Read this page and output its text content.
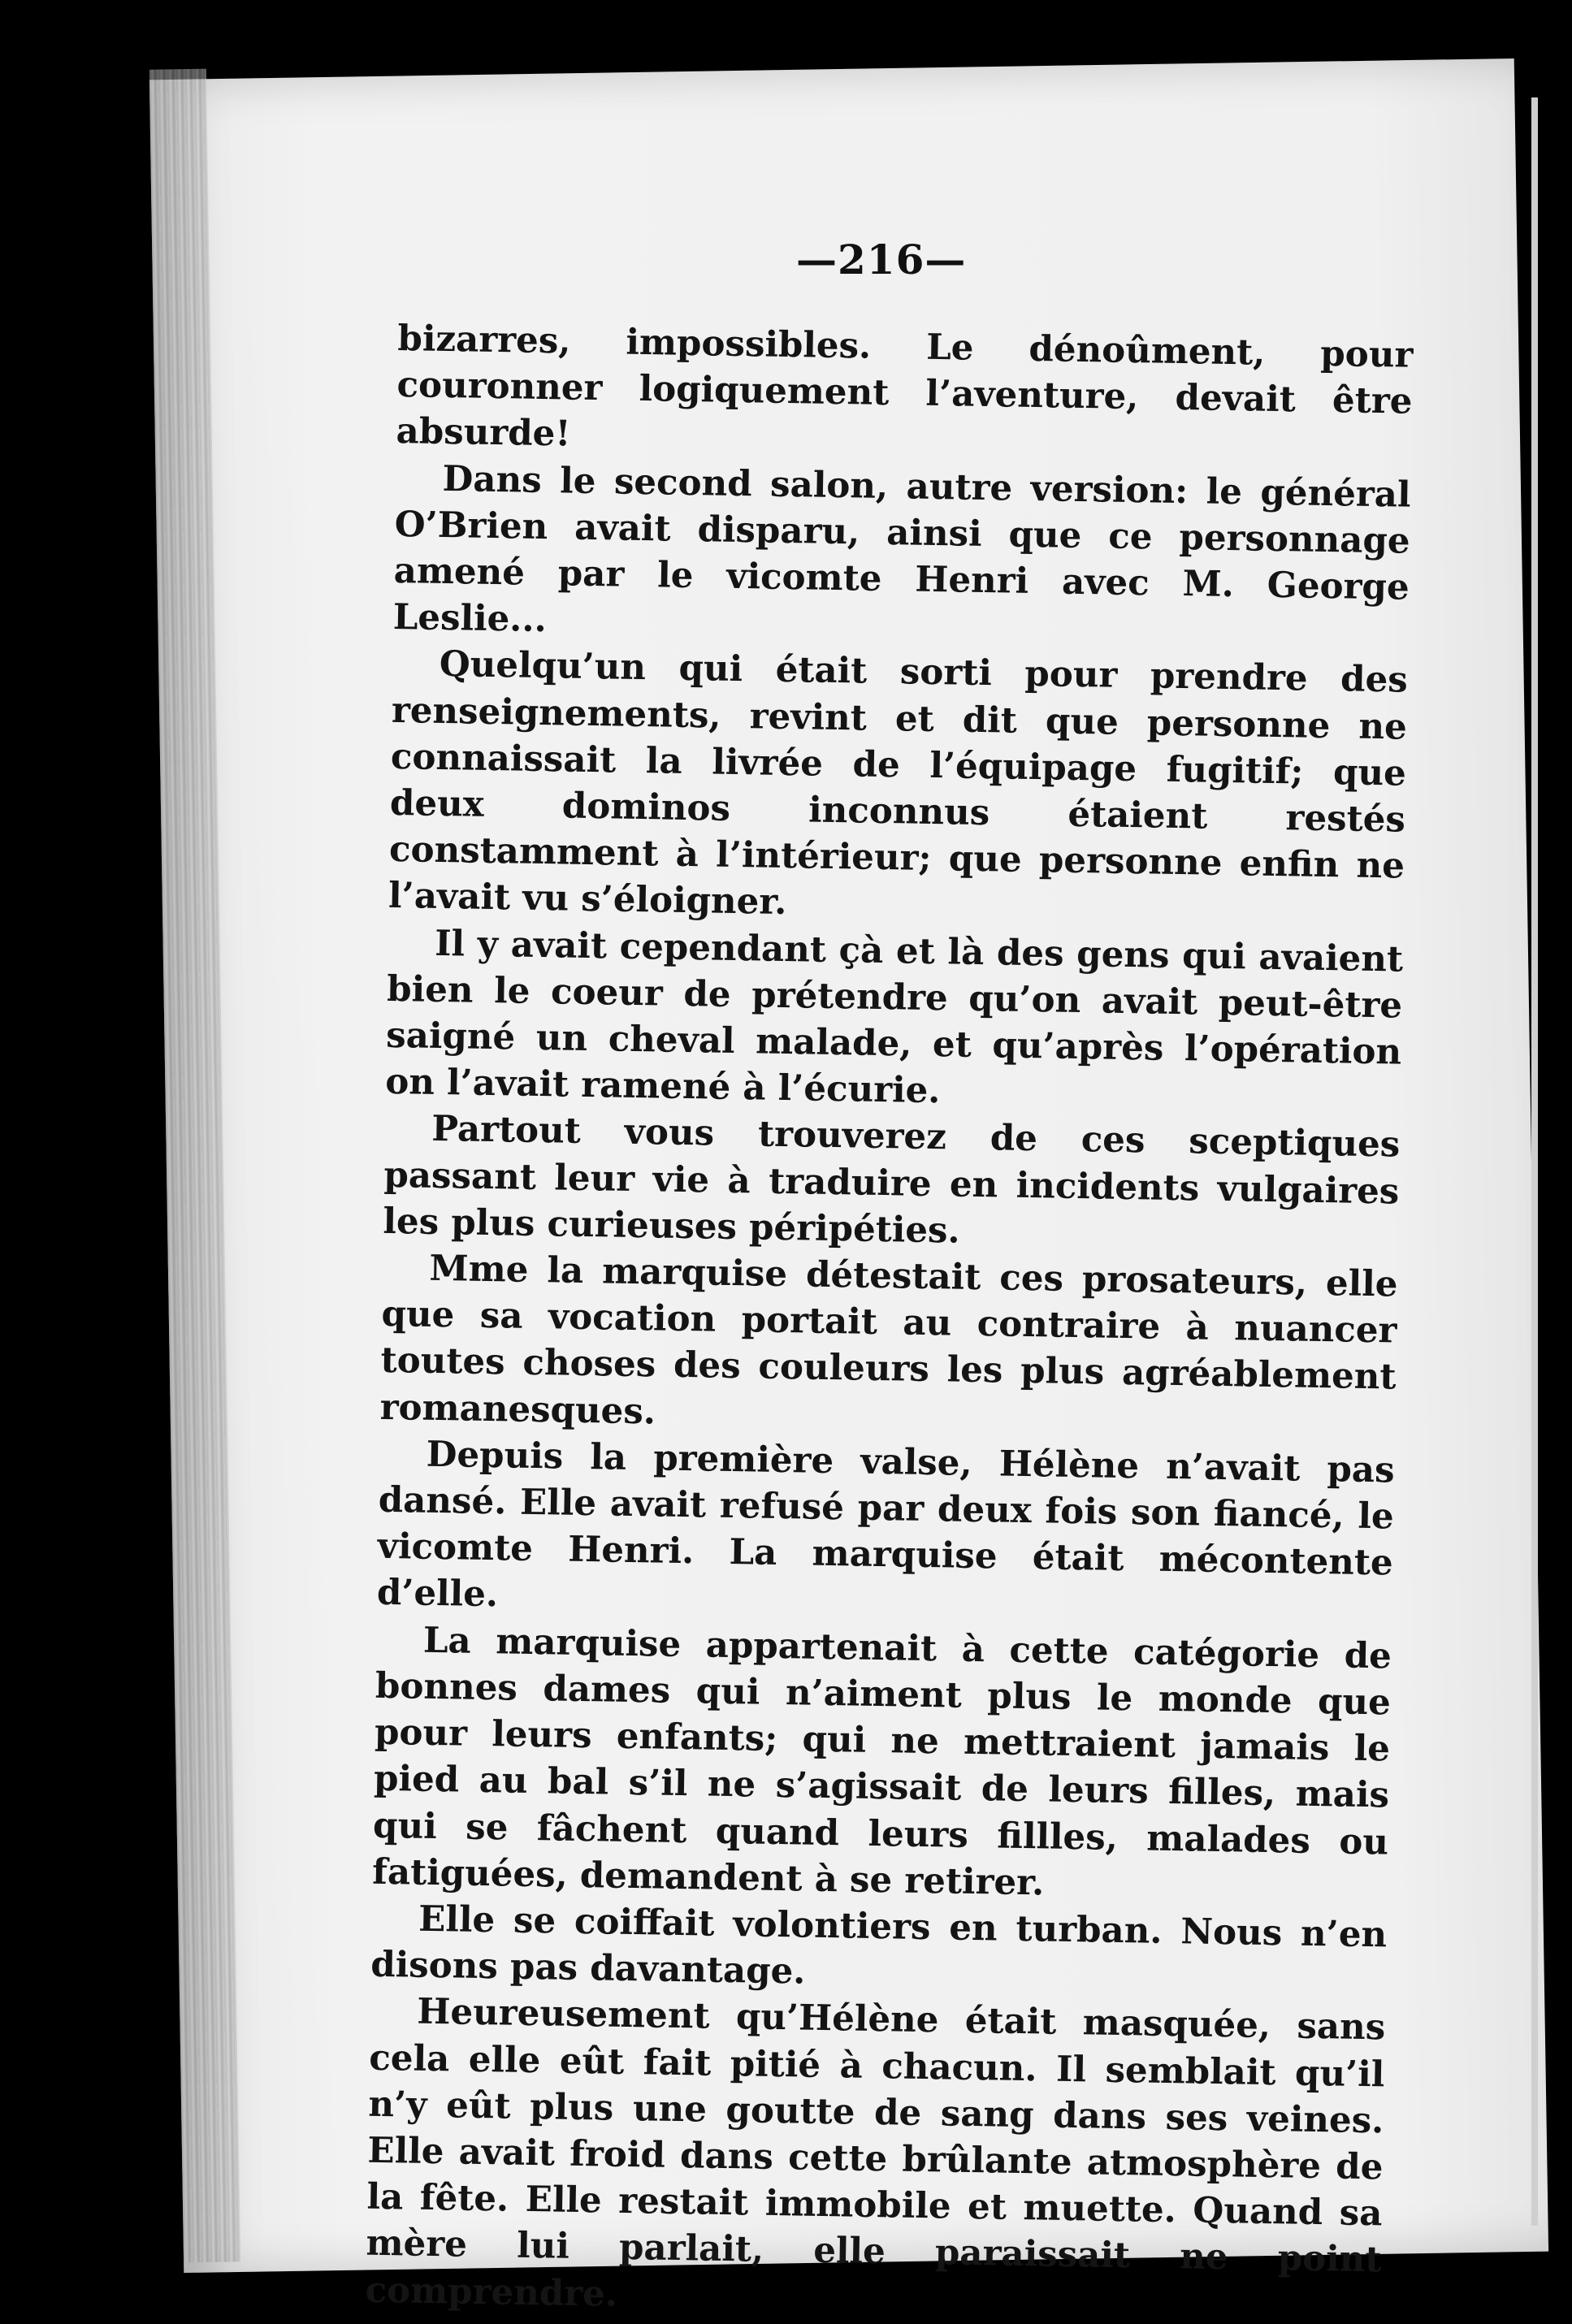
—216—

bizarres, impossibles. Le dénoûment, pour couronner logiquement l’aventure, devait être absurde!

Dans le second salon, autre version: le général O’Brien avait disparu, ainsi que ce personnage amené par le vicomte Henri avec M. George Leslie...

Quelqu’un qui était sorti pour prendre des renseignements, revint et dit que personne ne connaissait la livrée de l’équipage fugitif; que deux dominos inconnus étaient restés constamment à l’intérieur; que personne enfin ne l’avait vu s’éloigner.

Il y avait cependant çà et là des gens qui avaient bien le coeur de prétendre qu’on avait peut-être saigné un cheval malade, et qu’après l’opération on l’avait ramené à l’écurie.

Partout vous trouverez de ces sceptiques passant leur vie à traduire en incidents vulgaires les plus curieuses péripéties.

Mme la marquise détestait ces prosateurs, elle que sa vocation portait au contraire à nuancer toutes choses des couleurs les plus agréablement romanesques.

Depuis la première valse, Hélène n’avait pas dansé. Elle avait refusé par deux fois son fiancé, le vicomte Henri. La marquise était mécontente d’elle.

La marquise appartenait à cette catégorie de bonnes dames qui n’aiment plus le monde que pour leurs enfants; qui ne mettraient jamais le pied au bal s’il ne s’agissait de leurs filles, mais qui se fâchent quand leurs fillles, malades ou fatiguées, demandent à se retirer.

Elle se coiffait volontiers en turban. Nous n’en disons pas davantage.

Heureusement qu’Hélène était masquée, sans cela elle eût fait pitié à chacun. Il semblait qu’il n’y eût plus une goutte de sang dans ses veines. Elle avait froid dans cette brûlante atmosphère de la fête. Elle restait immobile et muette. Quand sa mère lui parlait, elle paraissait ne point comprendre.
